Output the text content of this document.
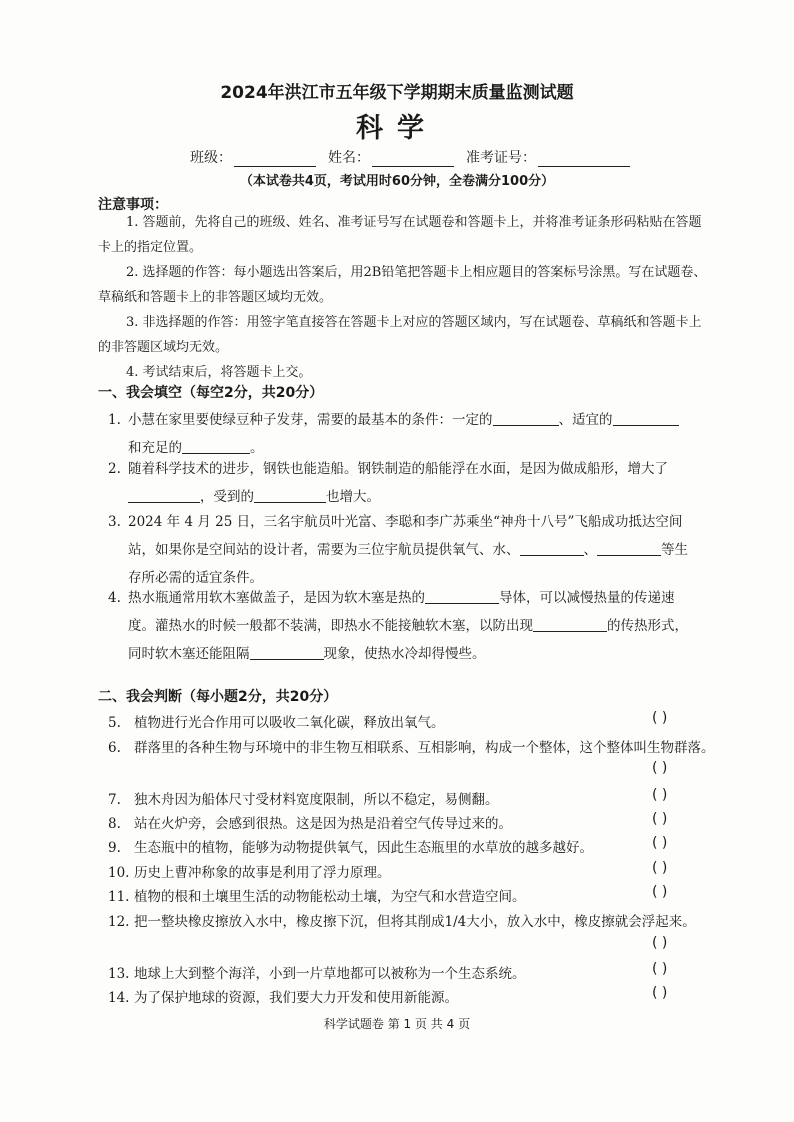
2024年洪江市五年级下学期期末质量监测试题
科学
班级：	姓名：	准考证号：
（本试卷共4页，考试用时60分钟，全卷满分100分）
注意事项：

1. 答题前，先将自己的班级、姓名、准考证号写在试题卷和答题卡上，并将准考证条形码粘贴在答题卡上的指定位置。

2. 选择题的作答：每小题选出答案后，用2B铅笔把答题卡上相应题目的答案标号涂黑。写在试题卷、草稿纸和答题卡上的非答题区域均无效。

3. 非选择题的作答：用签字笔直接答在答题卡上对应的答题区域内，写在试题卷、草稿纸和答题卡上的非答题区域均无效。

4. 考试结束后，将答题卡上交。

一、我会填空（每空2分，共20分）
1. 小慧在家里要使绿豆种子发芽，需要的最基本的条件：一定的	、适宜的
和充足的	。
2. 随着科学技术的进步，钢铁也能造船。钢铁制造的船能浮在水面，是因为做成船形，增大了
，受到的	也增大。
3. 2024 年 4 月 25 日，三名宇航员叶光富、李聪和李广苏乘坐“神舟十八号”飞船成功抵达空间
站，如果你是空间站的设计者，需要为三位宇航员提供氧气、水、	、	等生
存所必需的适宜条件。
4. 热水瓶通常用软木塞做盖子，是因为软木塞是热的	导体，可以减慢热量的传递速
度。灌热水的时候一般都不装满，即热水不能接触软木塞，以防出现	的传热形式，
同时软木塞还能阻隔	现象，使热水冷却得慢些。
二、我会判断（每小题2分，共20分）
5. 植物进行光合作用可以吸收二氧化碳，释放出氧气。	( )
6. 群落里的各种生物与环境中的非生物互相联系、互相影响，构成一个整体，这个整体叫生物群落。
( )
7. 独木舟因为船体尺寸受材料宽度限制，所以不稳定，易侧翻。	( )
8. 站在火炉旁，会感到很热。这是因为热是沿着空气传导过来的。	( )
9. 生态瓶中的植物，能够为动物提供氧气，因此生态瓶里的水草放的越多越好。	( )
10. 历史上曹冲称象的故事是利用了浮力原理。	( )
11. 植物的根和土壤里生活的动物能松动土壤，为空气和水营造空间。	( )
12. 把一整块橡皮擦放入水中，橡皮擦下沉，但将其削成1/4大小，放入水中，橡皮擦就会浮起来。
( )
13. 地球上大到整个海洋，小到一片草地都可以被称为一个生态系统。	( )
14. 为了保护地球的资源，我们要大力开发和使用新能源。	( )
科学试题卷 第 1 页 共 4 页
